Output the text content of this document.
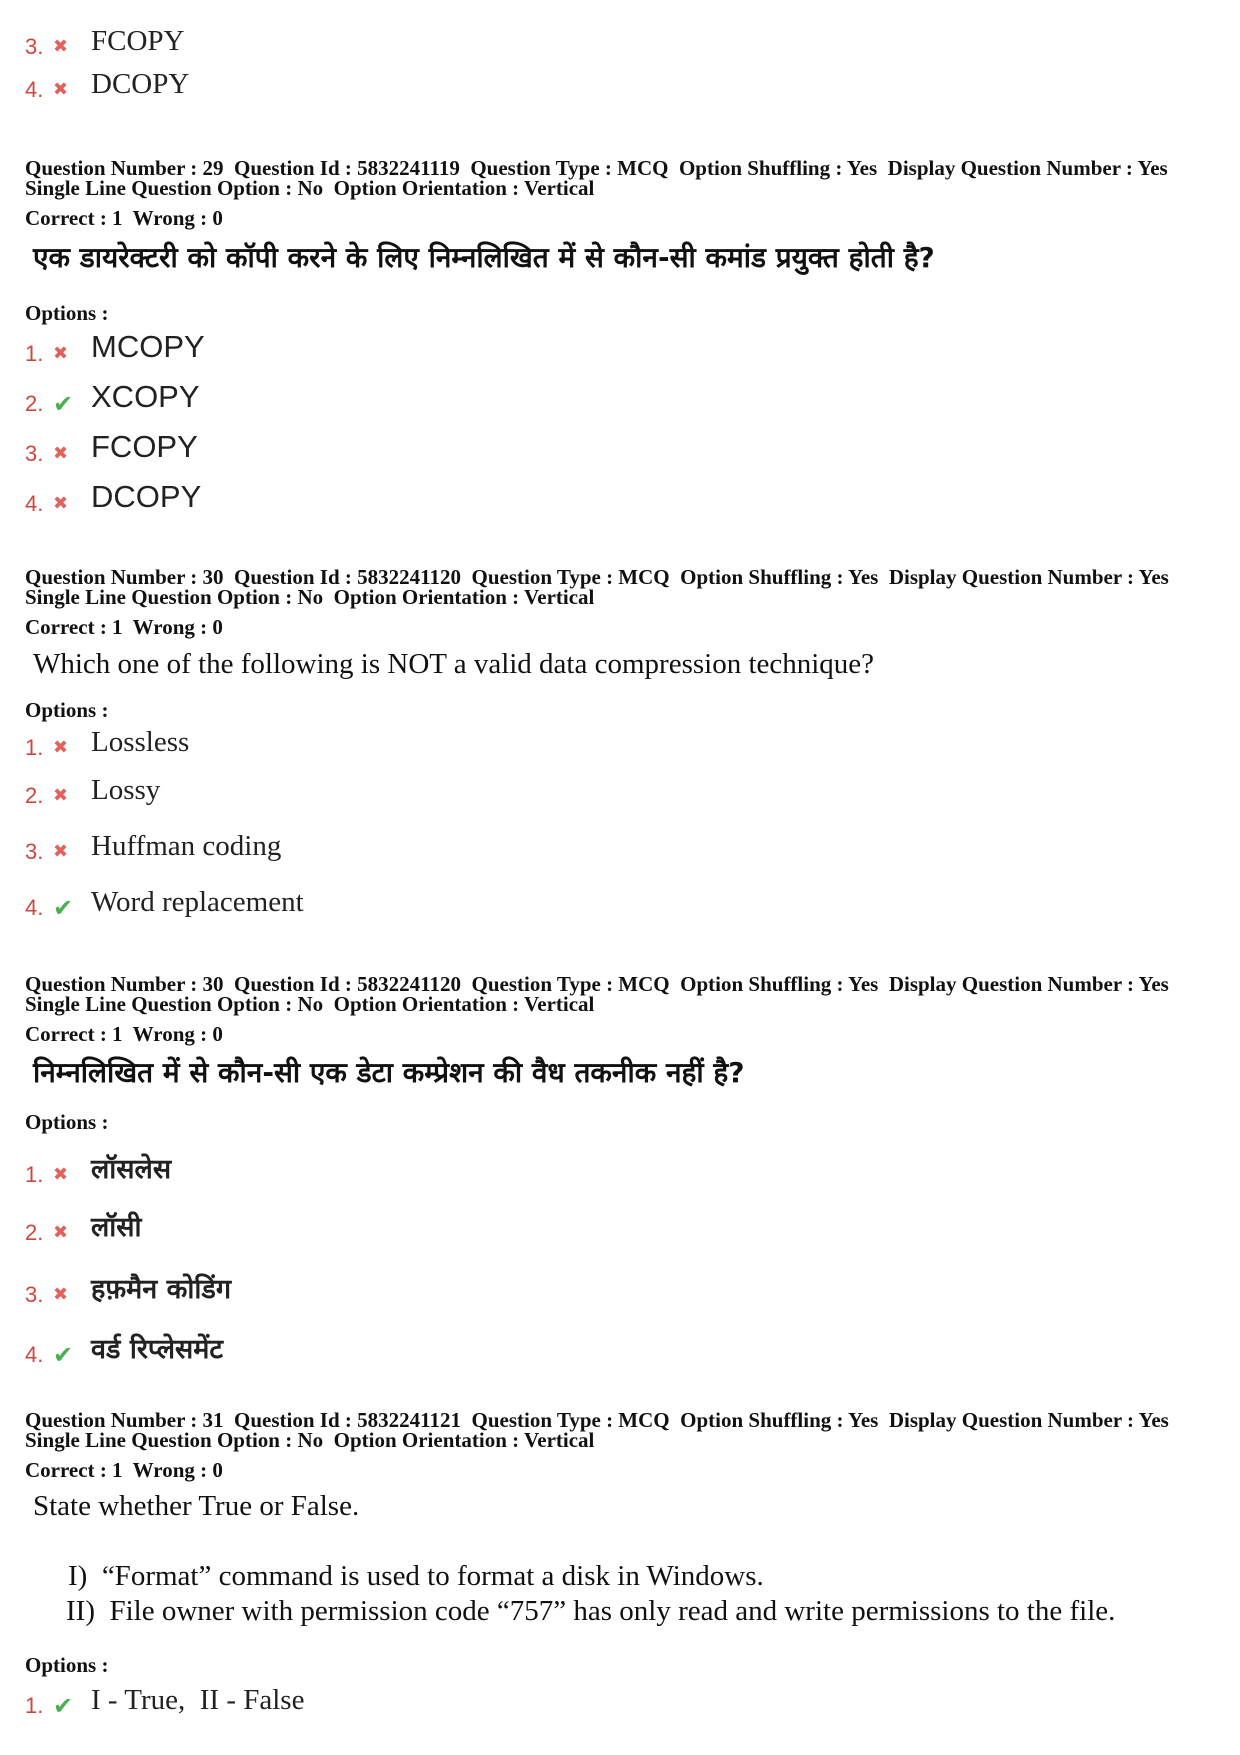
3. ✖ FCOPY
4. ✖ DCOPY
Question Number : 29  Question Id : 5832241119  Question Type : MCQ  Option Shuffling : Yes  Display Question Number : Yes
Single Line Question Option : No  Option Orientation : Vertical
Correct : 1  Wrong : 0
एक डायरेक्टरी को कॉपी करने के लिए निम्नलिखित में से कौन-सी कमांड प्रयुक्त होती है?
Options :
1. ✖ MCOPY
2. ✔ XCOPY
3. ✖ FCOPY
4. ✖ DCOPY
Question Number : 30  Question Id : 5832241120  Question Type : MCQ  Option Shuffling : Yes  Display Question Number : Yes
Single Line Question Option : No  Option Orientation : Vertical
Correct : 1  Wrong : 0
Which one of the following is NOT a valid data compression technique?
Options :
1. ✖ Lossless
2. ✖ Lossy
3. ✖ Huffman coding
4. ✔ Word replacement
Question Number : 30  Question Id : 5832241120  Question Type : MCQ  Option Shuffling : Yes  Display Question Number : Yes
Single Line Question Option : No  Option Orientation : Vertical
Correct : 1  Wrong : 0
निम्नलिखित में से कौन-सी एक डेटा कम्प्रेशन की वैध तकनीक नहीं है?
Options :
1. ✖ लॉसलेस
2. ✖ लॉसी
3. ✖ हफ़मैन कोडिंग
4. ✔ वर्ड रिप्लेसमेंट
Question Number : 31  Question Id : 5832241121  Question Type : MCQ  Option Shuffling : Yes  Display Question Number : Yes
Single Line Question Option : No  Option Orientation : Vertical
Correct : 1  Wrong : 0
State whether True or False.
I)  “Format” command is used to format a disk in Windows.
II)  File owner with permission code “757” has only read and write permissions to the file.
Options :
1. ✔ I - True,  II - False
